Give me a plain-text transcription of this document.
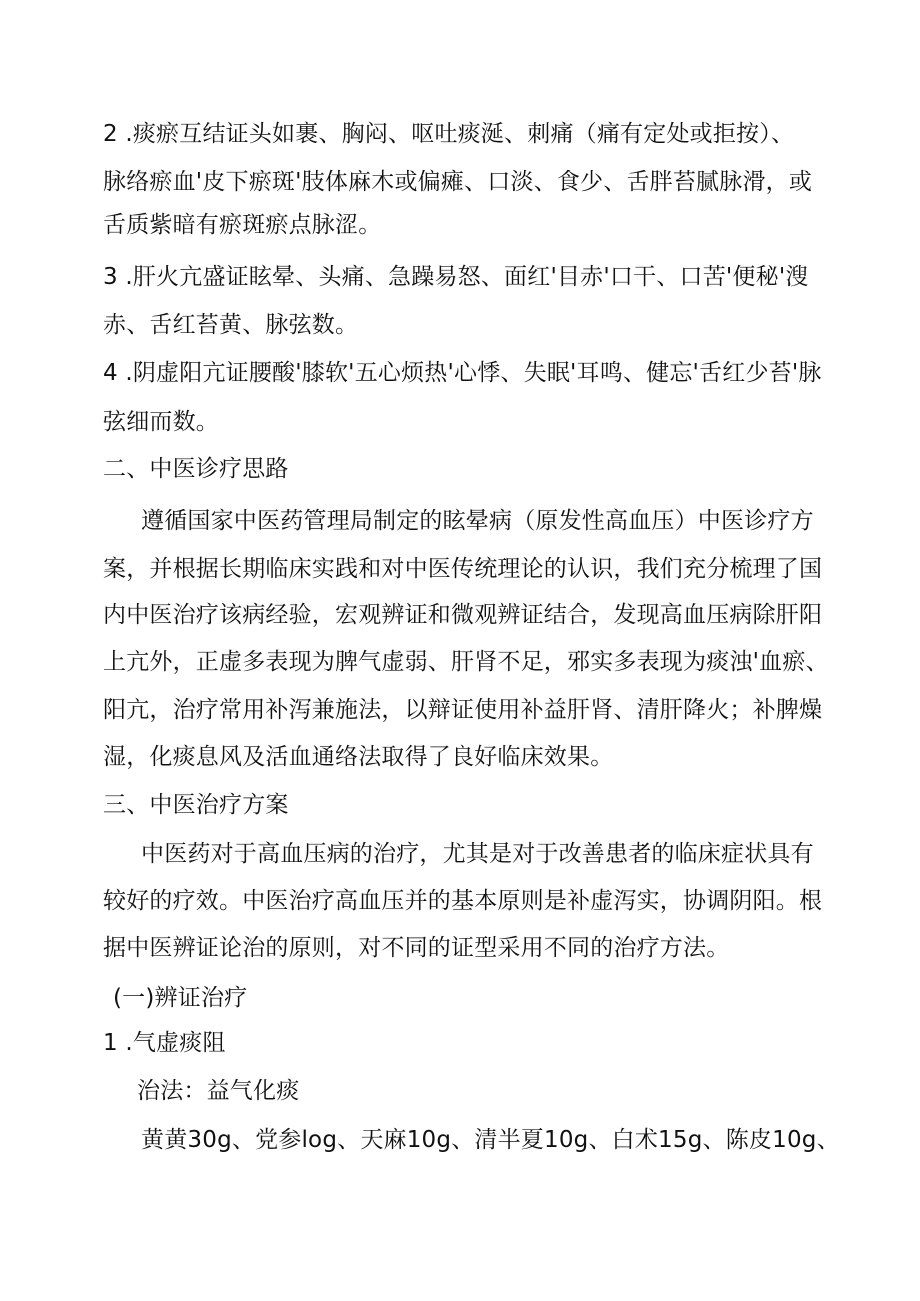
2 .痰瘀互结证头如裹、胸闷、呕吐痰涎、刺痛（痛有定处或拒按）、
脉络瘀血'皮下瘀斑'肢体麻木或偏瘫、口淡、食少、舌胖苔腻脉滑，或
舌质紫暗有瘀斑瘀点脉涩。
3 .肝火亢盛证眩晕、头痛、急躁易怒、面红'目赤'口干、口苦'便秘'溲
赤、舌红苔黄、脉弦数。
4 .阴虚阳亢证腰酸'膝软'五心烦热'心悸、失眠'耳鸣、健忘'舌红少苔'脉
弦细而数。
二、中医诊疗思路
遵循国家中医药管理局制定的眩晕病（原发性高血压）中医诊疗方
案，并根据长期临床实践和对中医传统理论的认识，我们充分梳理了国
内中医治疗该病经验，宏观辨证和微观辨证结合，发现高血压病除肝阳
上亢外，正虚多表现为脾气虚弱、肝肾不足，邪实多表现为痰浊'血瘀、
阳亢，治疗常用补泻兼施法，以辩证使用补益肝肾、清肝降火；补脾燥
湿，化痰息风及活血通络法取得了良好临床效果。
三、中医治疗方案
中医药对于高血压病的治疗，尤其是对于改善患者的临床症状具有
较好的疗效。中医治疗高血压并的基本原则是补虚泻实，协调阴阳。根
据中医辨证论治的原则，对不同的证型采用不同的治疗方法。
(一)辨证治疗
1 .气虚痰阻
治法：益气化痰
黄黄30g、党参log、天麻10g、清半夏10g、白术15g、陈皮10g、
